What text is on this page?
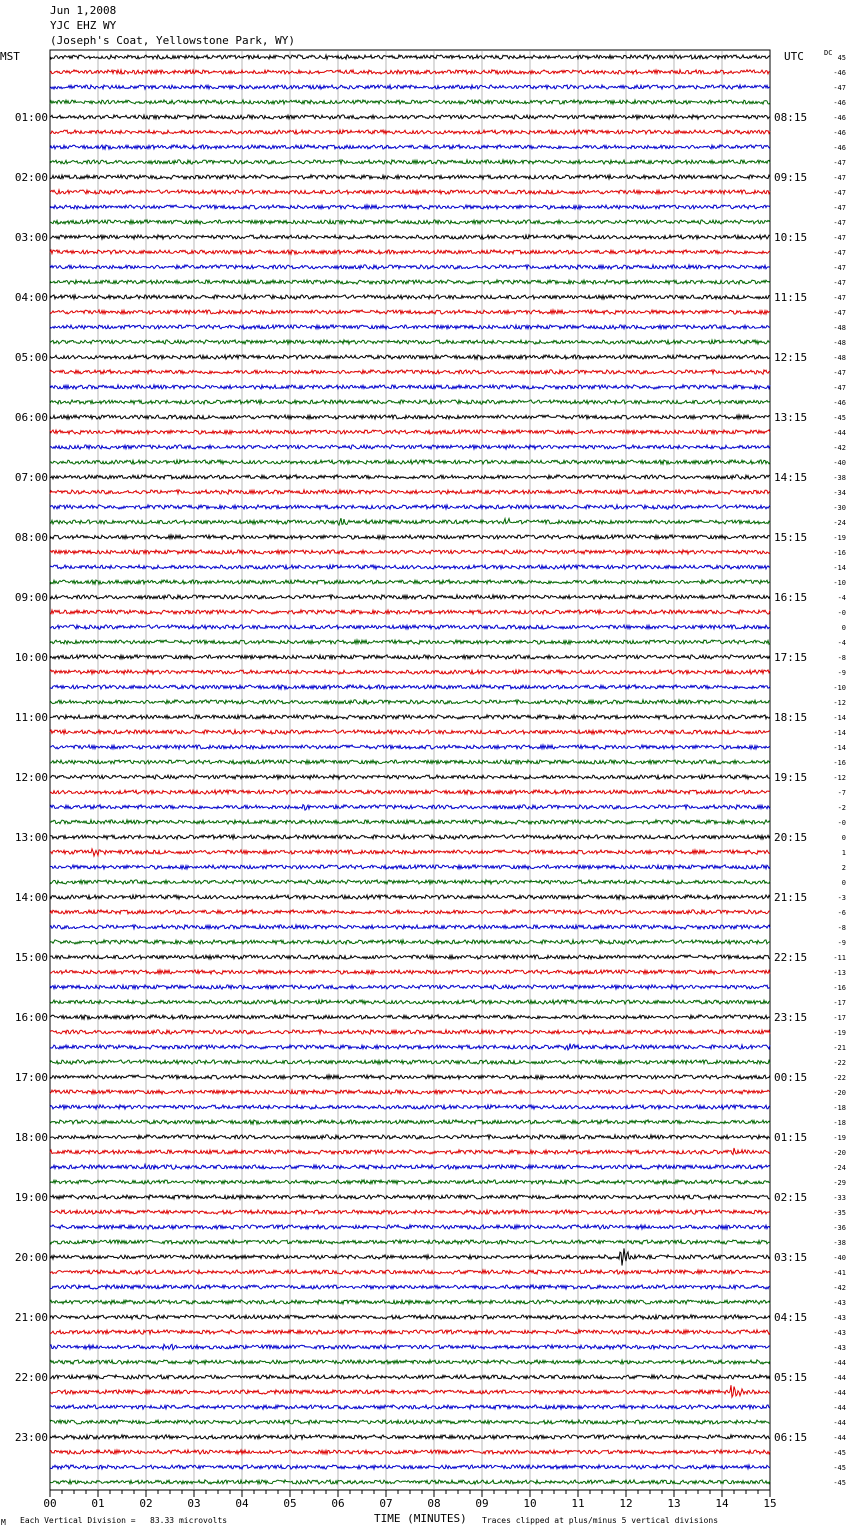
Jun 1,2008
YJC EHZ WY
(Joseph's Coat, Yellowstone Park, WY)
MST	UTC	DC
00	01	02	03	04	05	06	07	08	09	10	11	12	13	14	15
45
-46
-47
-46
-46
-46
-46
-47
-47
-47
-47
-47
-47
-47
-47
-47
-47
-47
-48
-48
-48
-47
-47
-46
-45
-44
-42
-40
-38
-34
-30
-24
-19
-16
-14
-10
-4
-0
0
-4
-8
-9
-10
-12
-14
-14
-14
-16
-12
-7
-2
-0
0
1
2
0
-3
-6
-8
-9
-11
-13
-16
-17
-17
-19
-21
-22
-22
-20
-18
-18
-19
-20
-24
-29
-33
-35
-36
-38
-40
-41
-42
-43
-43
-43
-43
-44
-44
-44
-44
-44
-44
-45
-45
-45
01:00
02:00
03:00
04:00
05:00
06:00
07:00
08:00
09:00
10:00
11:00
12:00
13:00
14:00
15:00
16:00
17:00
18:00
19:00
20:00
21:00
22:00
23:00
08:15
09:15
10:15
11:15
12:15
13:15
14:15
15:15
16:15
17:15
18:15
19:15
20:15
21:15
22:15
23:15
00:15
01:15
02:15
03:15
04:15
05:15
06:15
TIME (MINUTES)
M Each Vertical Division =   83.33 microvolts	Traces clipped at plus/minus 5 vertical divisions
